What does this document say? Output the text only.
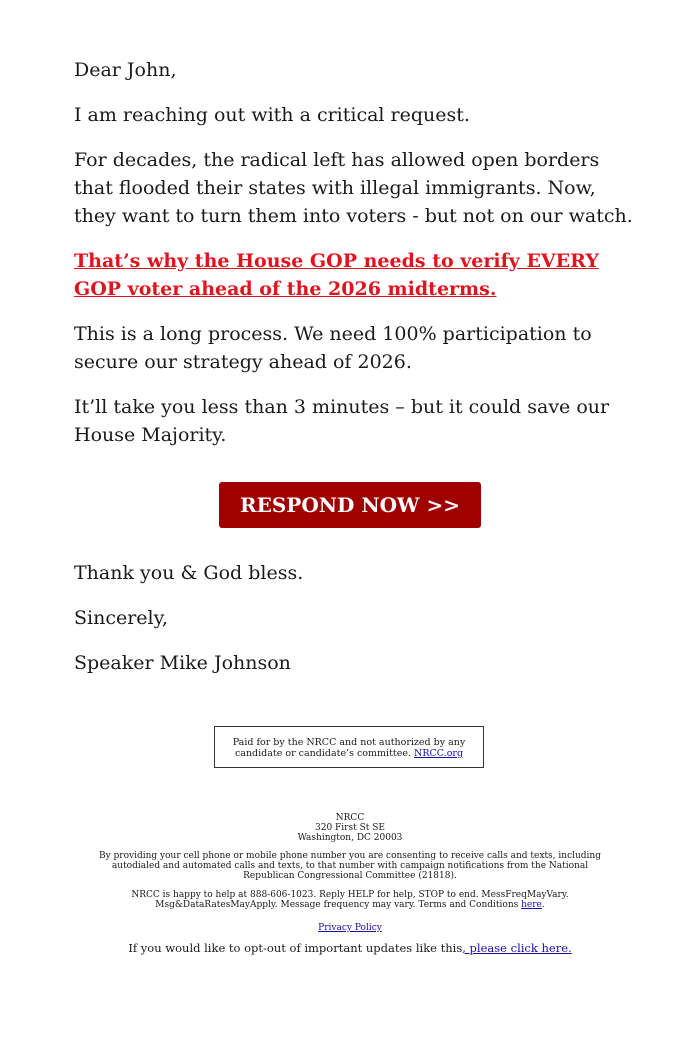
Dear John,

I am reaching out with a critical request.

For decades, the radical left has allowed open borders that flooded their states with illegal immigrants. Now, they want to turn them into voters - but not on our watch.

That’s why the House GOP needs to verify EVERY GOP voter ahead of the 2026 midterms.

This is a long process. We need 100% participation to secure our strategy ahead of 2026.

It’ll take you less than 3 minutes – but it could save our House Majority.

RESPOND NOW >>

Thank you & God bless.

Sincerely,

Speaker Mike Johnson

Paid for by the NRCC and not authorized by any candidate or candidate’s committee. NRCC.org
NRCC
320 First St SE
Washington, DC 20003

By providing your cell phone or mobile phone number you are consenting to receive calls and texts, including autodialed and automated calls and texts, to that number with campaign notifications from the National Republican Congressional Committee (21818).

NRCC is happy to help at 888-606-1023. Reply HELP for help, STOP to end. MessFreqMayVary. Msg&DataRatesMayApply. Message frequency may vary. Terms and Conditions here.

Privacy Policy

If you would like to opt-out of important updates like this, please click here.
